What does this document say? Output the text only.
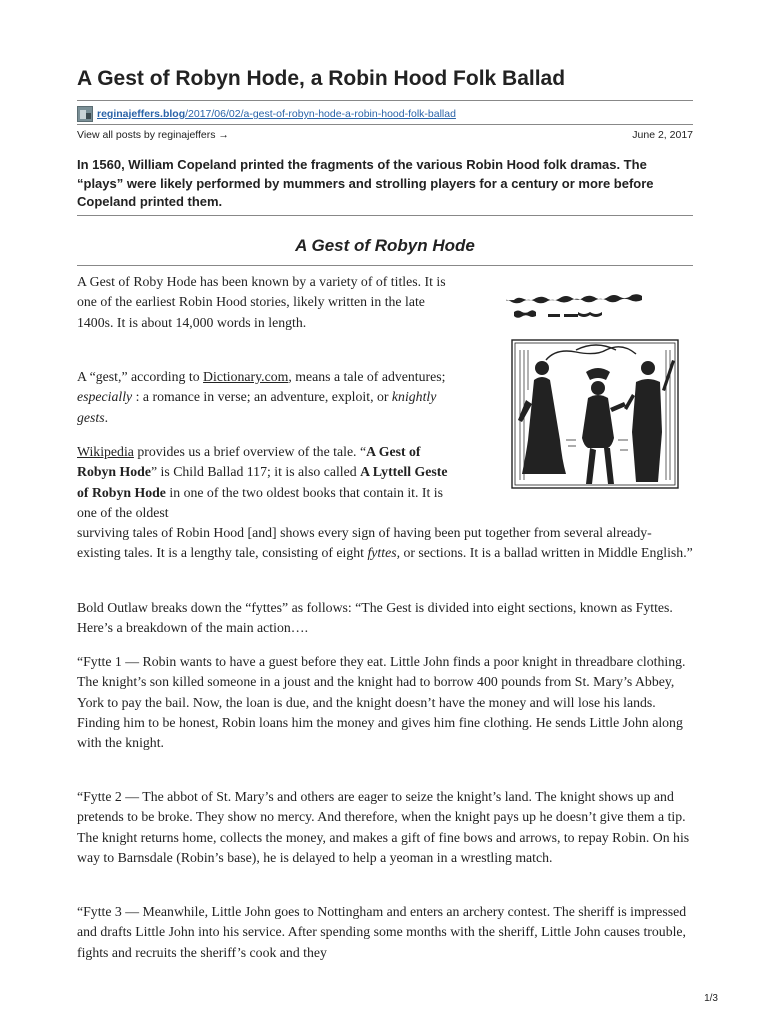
A Gest of Robyn Hode, a Robin Hood Folk Ballad
reginajeffers.blog/2017/06/02/a-gest-of-robyn-hode-a-robin-hood-folk-ballad
View all posts by reginajeffers →	June 2, 2017

In 1560, William Copeland printed the fragments of the various Robin Hood folk dramas. The “plays” were likely performed by mummers and strolling players for a century or more before Copeland printed them.

A Gest of Robyn Hode

A Gest of Roby Hode has been known by a variety of of titles. It is one of the earliest Robin Hood stories, likely written in the late 1400s. It is about 14,000 words in length.

A “gest,” according to Dictionary.com, means a tale of adventures; especially : a romance in verse; an adventure, exploit, or knightly gests.

Wikipedia provides us a brief overview of the tale. “A Gest of Robyn Hode” is Child Ballad 117; it is also called A Lyttell Geste of Robyn Hode in one of the two oldest books that contain it. It is one of the oldest

surviving tales of Robin Hood [and] shows every sign of having been put together from several already-existing tales. It is a lengthy tale, consisting of eight fyttes, or sections. It is a ballad written in Middle English.”

Bold Outlaw breaks down the “fyttes” as follows: “The Gest is divided into eight sections, known as Fyttes. Here’s a breakdown of the main action….

“Fytte 1 — Robin wants to have a guest before they eat. Little John finds a poor knight in threadbare clothing. The knight’s son killed someone in a joust and the knight had to borrow 400 pounds from St. Mary’s Abbey, York to pay the bail. Now, the loan is due, and the knight doesn’t have the money and will lose his lands. Finding him to be honest, Robin loans him the money and gives him fine clothing. He sends Little John along with the knight.

“Fytte 2 — The abbot of St. Mary’s and others are eager to seize the knight’s land. The knight shows up and pretends to be broke. They show no mercy. And therefore, when the knight pays up he doesn’t give them a tip. The knight returns home, collects the money, and makes a gift of fine bows and arrows, to repay Robin. On his way to Barnsdale (Robin’s base), he is delayed to help a yeoman in a wrestling match.

“Fytte 3 — Meanwhile, Little John goes to Nottingham and enters an archery contest. The sheriff is impressed and drafts Little John into his service. After spending some months with the sheriff, Little John causes trouble, fights and recruits the sheriff’s cook and they

1/3
